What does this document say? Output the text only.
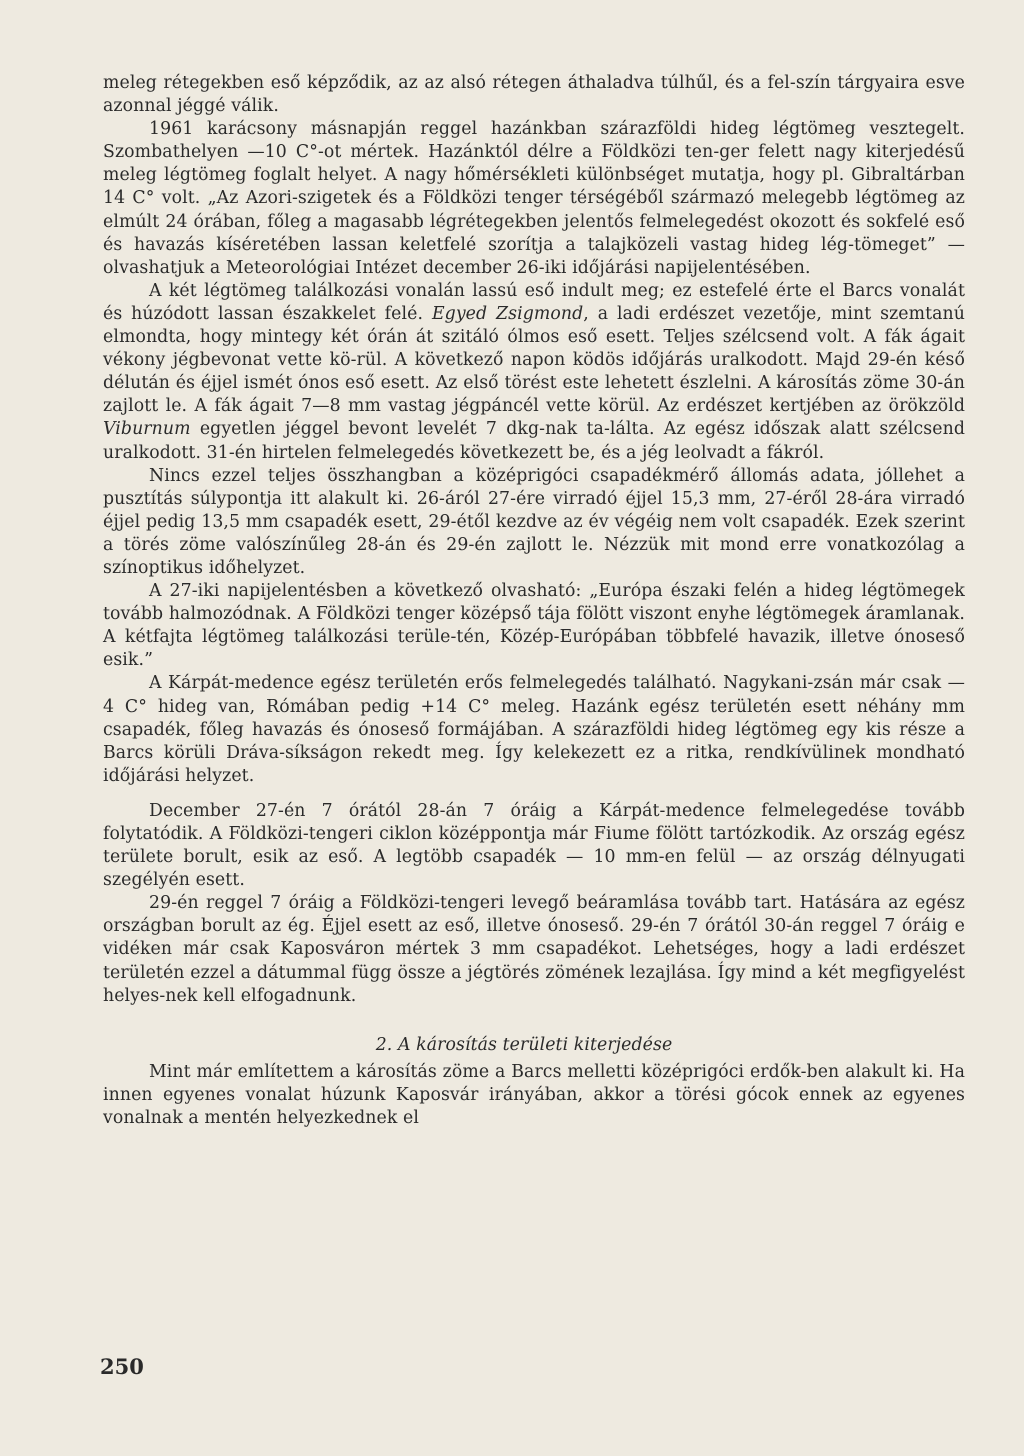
meleg rétegekben eső képződik, az az alsó rétegen áthaladva túlhűl, és a fel-szín tárgyaira esve azonnal jéggé válik.

1961 karácsony másnapján reggel hazánkban szárazföldi hideg légtömeg vesztegelt. Szombathelyen —10 C°-ot mértek. Hazánktól délre a Földközi ten-ger felett nagy kiterjedésű meleg légtömeg foglalt helyet. A nagy hőmérsékleti különbséget mutatja, hogy pl. Gibraltárban 14 C° volt. „Az Azori-szigetek és a Földközi tenger térségéből származó melegebb légtömeg az elmúlt 24 órában, főleg a magasabb légrétegekben jelentős felmelegedést okozott és sokfelé eső és havazás kíséretében lassan keletfelé szorítja a talajközeli vastag hideg lég-tömeget” — olvashatjuk a Meteorológiai Intézet december 26-iki időjárási napijelentésében.

A két légtömeg találkozási vonalán lassú eső indult meg; ez estefelé érte el Barcs vonalát és húzódott lassan északkelet felé. Egyed Zsigmond, a ladi erdészet vezetője, mint szemtanú elmondta, hogy mintegy két órán át szitáló ólmos eső esett. Teljes szélcsend volt. A fák ágait vékony jégbevonat vette kö-rül. A következő napon ködös időjárás uralkodott. Majd 29-én késő délután és éjjel ismét ónos eső esett. Az első törést este lehetett észlelni. A károsítás zöme 30-án zajlott le. A fák ágait 7—8 mm vastag jégpáncél vette körül. Az erdészet kertjében az örökzöld Viburnum egyetlen jéggel bevont levelét 7 dkg-nak ta-lálta. Az egész időszak alatt szélcsend uralkodott. 31-én hirtelen felmelegedés következett be, és a jég leolvadt a fákról.

Nincs ezzel teljes összhangban a középrigóci csapadékmérő állomás adata, jóllehet a pusztítás súlypontja itt alakult ki. 26-áról 27-ére virradó éjjel 15,3 mm, 27-éről 28-ára virradó éjjel pedig 13,5 mm csapadék esett, 29-étől kezdve az év végéig nem volt csapadék. Ezek szerint a törés zöme valószínűleg 28-án és 29-én zajlott le. Nézzük mit mond erre vonatkozólag a színoptikus időhelyzet.

A 27-iki napijelentésben a következő olvasható: „Európa északi felén a hideg légtömegek tovább halmozódnak. A Földközi tenger középső tája fölött viszont enyhe légtömegek áramlanak. A kétfajta légtömeg találkozási terüle-tén, Közép-Európában többfelé havazik, illetve ónoseső esik.”

A Kárpát-medence egész területén erős felmelegedés található. Nagykani-zsán már csak —4 C° hideg van, Rómában pedig +14 C° meleg. Hazánk egész területén esett néhány mm csapadék, főleg havazás és ónoseső formájában. A szárazföldi hideg légtömeg egy kis része a Barcs körüli Dráva-síkságon rekedt meg. Így kelekezett ez a ritka, rendkívülinek mondható időjárási helyzet.

December 27-én 7 órától 28-án 7 óráig a Kárpát-medence felmelegedése tovább folytatódik. A Földközi-tengeri ciklon középpontja már Fiume fölött tartózkodik. Az ország egész területe borult, esik az eső. A legtöbb csapadék — 10 mm-en felül — az ország délnyugati szegélyén esett.

29-én reggel 7 óráig a Földközi-tengeri levegő beáramlása tovább tart. Hatására az egész országban borult az ég. Éjjel esett az eső, illetve ónoseső. 29-én 7 órától 30-án reggel 7 óráig e vidéken már csak Kaposváron mértek 3 mm csapadékot. Lehetséges, hogy a ladi erdészet területén ezzel a dátummal függ össze a jégtörés zömének lezajlása. Így mind a két megfigyelést helyes-nek kell elfogadnunk.

2. A károsítás területi kiterjedése

Mint már említettem a károsítás zöme a Barcs melletti középrigóci erdők-ben alakult ki. Ha innen egyenes vonalat húzunk Kaposvár irányában, akkor a törési gócok ennek az egyenes vonalnak a mentén helyezkednek el

250
